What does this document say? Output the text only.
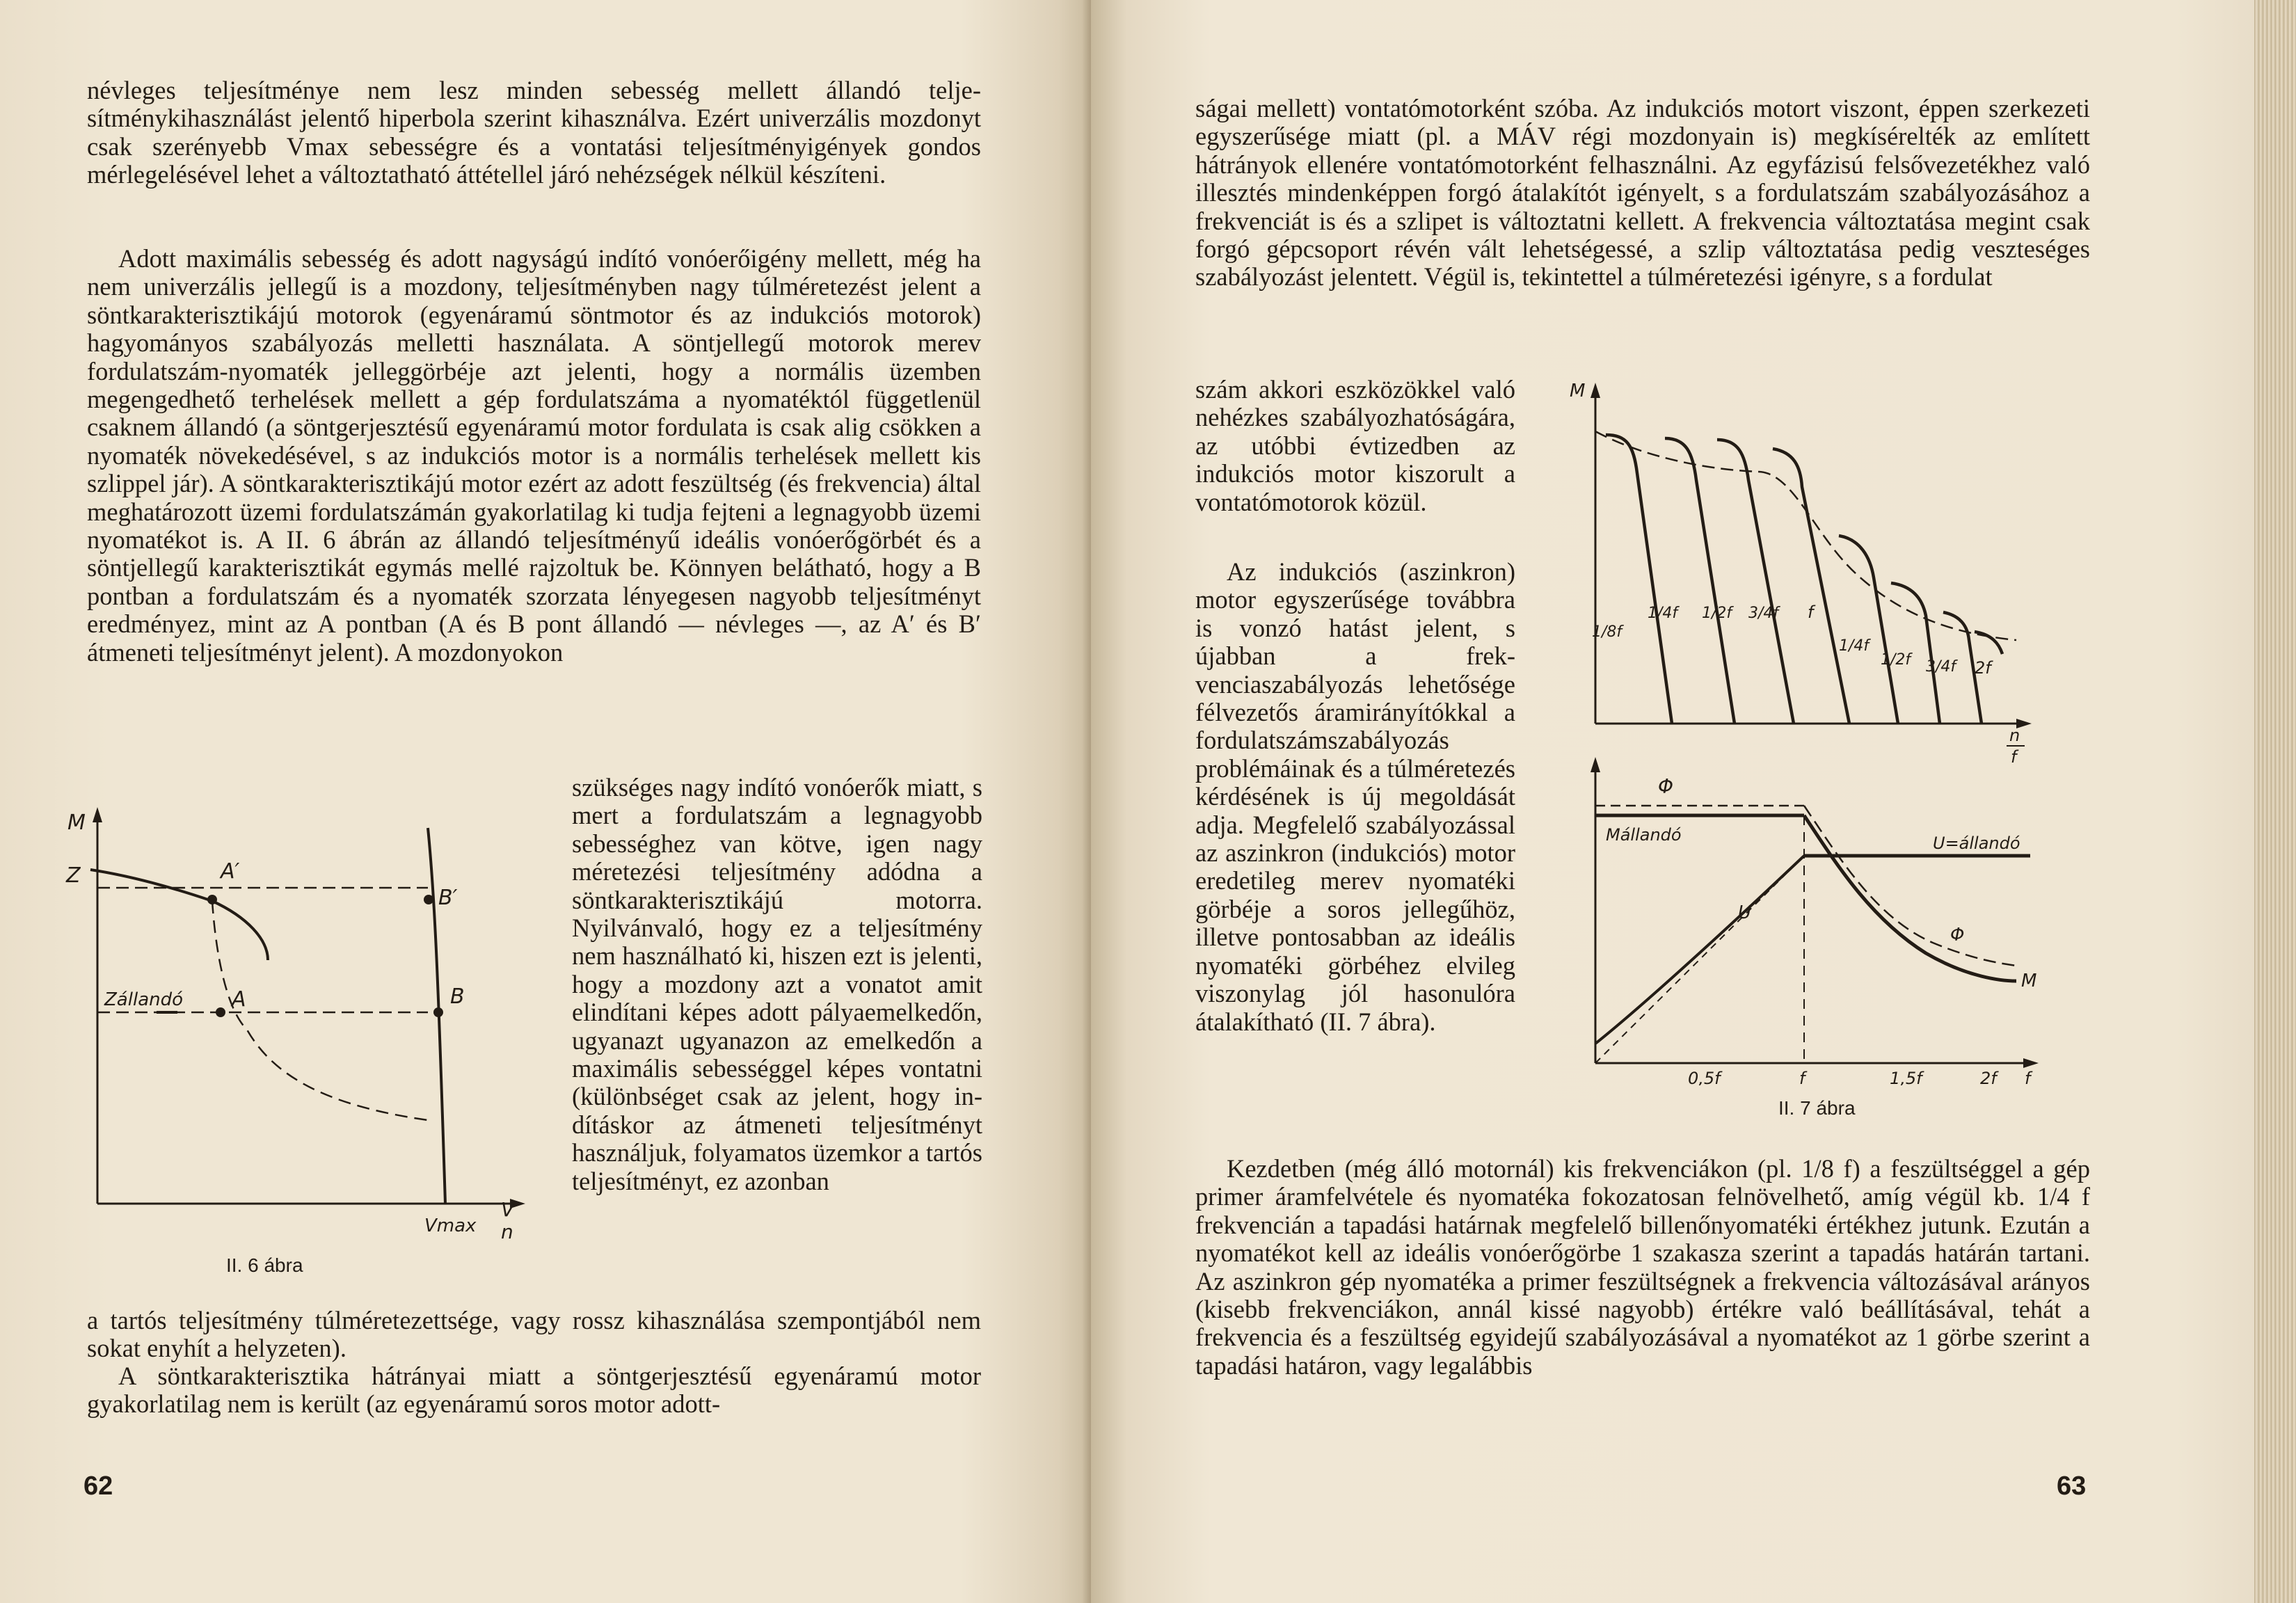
névleges teljesítménye nem lesz minden sebesség mellett állandó teljesítménykihasználást jelentő hiperbola szerint kihasználva. Ezért univerzális mozdonyt csak szerényebb Vmax sebességre és a vontatási teljesítményigények gondos mérlegelésével lehet a változtatható áttétellel járó nehézségek nélkül készíteni.

Adott maximális sebesség és adott nagyságú indító vonóerőigény mellett, még ha nem univerzális jellegű is a mozdony, teljesítményben nagy túlméretezést jelent a söntkarakterisztikájú motorok (egyenáramú söntmotor és az indukciós motorok) hagyományos szabályozás melletti használata. A söntjellegű motorok merev fordulatszám-nyomaték jelleggörbéje azt jelenti, hogy a normális üzemben megengedhető terhelések mellett a gép fordulatszáma a nyomatéktól függetlenül csaknem állandó (a söntgerjesztésű egyenáramú motor fordulata is csak alig csökken a nyomaték növekedésével, s az indukciós motor is a normális terhelések mellett kis szlippel jár). A söntkarakterisztikájú motor ezért az adott feszültség (és frekvencia) által meghatározott üzemi fordulatszámán gyakorlatilag ki tudja fejteni a legnagyobb üzemi nyomatékot is. A II. 6 ábrán az állandó teljesítményű ideális vonóerőgörbét és a söntjellegű karakterisztikát egymás mellé rajzoltuk be. Könnyen belátható, hogy a B pontban a fordulatszám és a nyomaték szorzata lényegesen nagyobb teljesítményt eredményez, mint az A pontban (A és B pont állandó — névleges —, az A′ és B′ átmeneti teljesítményt jelent). A mozdonyokon

M
Z
Zállandó
A′
B′
A	B
Vmax
V
n
II. 6 ábra

szükséges nagy indító vonóerők miatt, s mert a fordulatszám a legnagyobb sebességhez van kötve, igen nagy méretezési teljesítmény adódna a söntkarakterisztikájú motorra. Nyilvánvaló, hogy ez a teljesítmény nem használható ki, hiszen ezt is jelenti, hogy a mozdony azt a vonatot amit elindítani képes adott pályaemelkedőn, ugyanazt ugyanazon az emelkedőn a maximális sebességgel képes vontatni (különbséget csak az jelent, hogy indításkor az átmeneti teljesítményt használjuk, folyamatos üzemkor a tartós teljesítményt, ez azonban

a tartós teljesítmény túlméretezettsége, vagy rossz kihasználása szempontjából nem sokat enyhít a helyzeten).

A söntkarakterisztika hátrányai miatt a söntgerjesztésű egyenáramú motor gyakorlatilag nem is került (az egyenáramú soros motor adott-

62

ságai mellett) vontatómotorként szóba. Az indukciós motort viszont, éppen szerkezeti egyszerűsége miatt (pl. a MÁV régi mozdonyain is) megkísérelték az említett hátrányok ellenére vontatómotorként felhasználni. Az egyfázisú felsővezetékhez való illesztés mindenképpen forgó átalakítót igényelt, s a fordulatszám szabályozásához a frekvenciát is és a szlipet is változtatni kellett. A frekvencia változtatása megint csak forgó gépcsoport révén vált lehetségessé, a szlip változtatása pedig veszteséges szabályozást jelentett. Végül is, tekintettel a túlméretezési igényre, s a fordulat

szám akkori eszközökkel való nehézkes szabályozhatóságára, az utóbbi évtizedben az indukciós motor kiszorult a vontatómotorok közül.

Az indukciós (aszinkron) motor egyszerűsége továbbra is vonzó hatást jelent, s újabban a frekvenciaszabályozás lehetősége félvezetős áramirányítókkal a fordulatszámszabályozás problémáinak és a túlméretezés kérdésének is új megoldását adja. Megfelelő szabályozással az aszinkron (indukciós) motor eredetileg merev nyomatéki görbéje a soros jellegűhöz, illetve pontosabban az ideális nyomatéki görbéhez elvileg viszonylag jól hasonulóra átalakítható (II. 7 ábra).

M
1/8f
1/4f 1/2f 3/4f f
1/4f
1/2f 3/4f 2f
n
f
Φ
Mállandó	U=állandó
U
Φ
M
0,5f	f	1,5f	2f f
II. 7 ábra

Kezdetben (még álló motornál) kis frekvenciákon (pl. 1/8 f) a feszültséggel a gép primer áramfelvétele és nyomatéka fokozatosan felnövelhető, amíg végül kb. 1/4 f frekvencián a tapadási határnak megfelelő billenőnyomatéki értékhez jutunk. Ezután a nyomatékot kell az ideális vonóerőgörbe 1 szakasza szerint a tapadás határán tartani. Az aszinkron gép nyomatéka a primer feszültségnek a frekvencia változásával arányos (kisebb frekvenciákon, annál kissé nagyobb) értékre való beállításával, tehát a frekvencia és a feszültség egyidejű szabályozásával a nyomatékot az 1 görbe szerint a tapadási határon, vagy legalábbis

63
